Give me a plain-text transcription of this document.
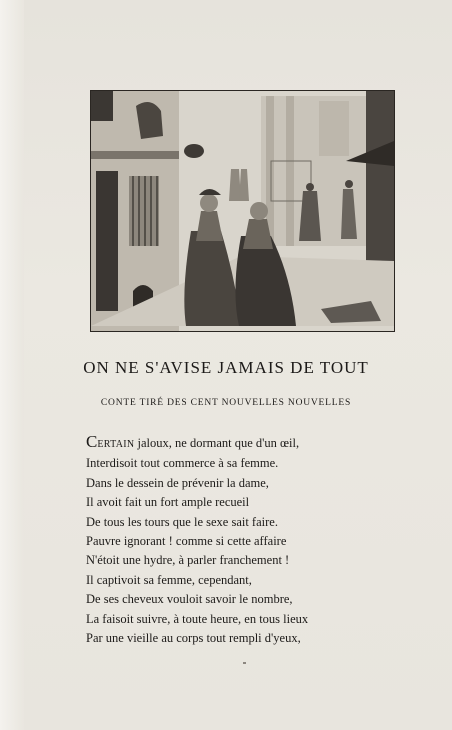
ON NE S'AVISE JAMAIS DE TOUT
CONTE TIRÉ DES CENT NOUVELLES NOUVELLES
CERTAIN jaloux, ne dormant que d'un œil,
Interdisoit tout commerce à sa femme.
Dans le dessein de prévenir la dame,
Il avoit fait un fort ample recueil
De tous les tours que le sexe sait faire.
Pauvre ignorant ! comme si cette affaire
N'étoit une hydre, à parler franchement !
Il captivoit sa femme, cependant,
De ses cheveux vouloit savoir le nombre,
La faisoit suivre, à toute heure, en tous lieux
Par une vieille au corps tout rempli d'yeux,
